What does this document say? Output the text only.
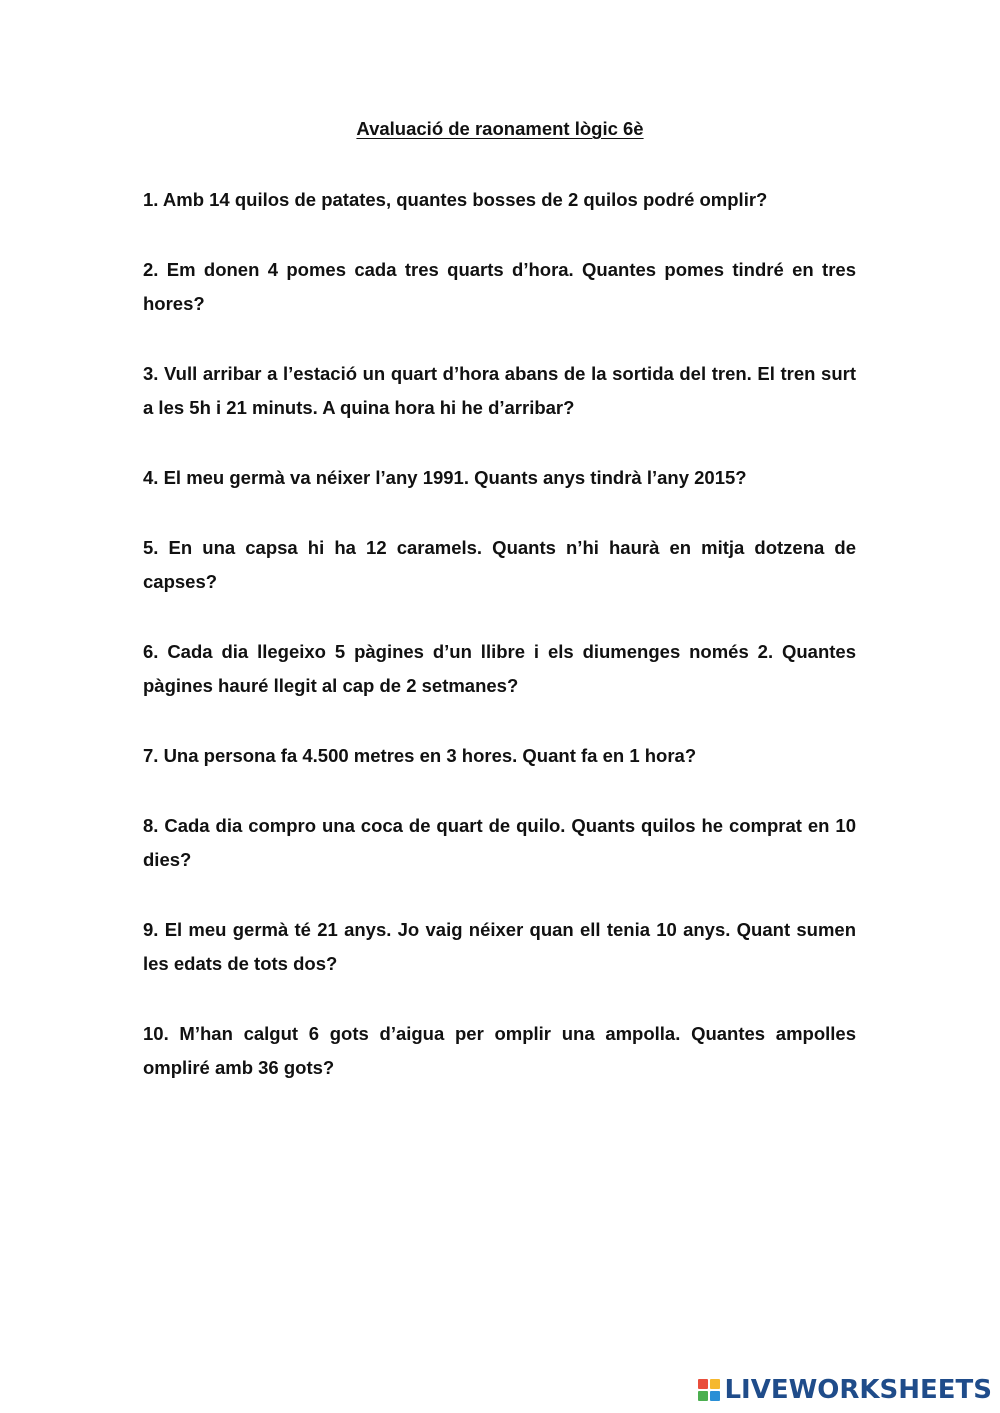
Avaluació de raonament lògic 6è

1. Amb 14 quilos de patates, quantes bosses de 2 quilos podré omplir?

2. Em donen 4 pomes cada tres quarts d’hora. Quantes pomes tindré en tres hores?

3. Vull arribar a l’estació un quart d’hora abans de la sortida del tren. El tren surt a les 5h i 21 minuts. A quina hora hi he d’arribar?

4. El meu germà va néixer l’any 1991. Quants anys tindrà l’any 2015?

5. En una capsa hi ha 12 caramels. Quants n’hi haurà en mitja dotzena de capses?

6. Cada dia llegeixo 5 pàgines d’un llibre i els diumenges només 2. Quantes pàgines hauré llegit al cap de 2 setmanes?

7. Una persona fa 4.500 metres en 3 hores. Quant fa en 1 hora?

8. Cada dia compro una coca de quart de quilo. Quants quilos he comprat en 10 dies?

9. El meu germà té 21 anys. Jo vaig néixer quan ell tenia 10 anys. Quant sumen les edats de tots dos?

10. M’han calgut 6 gots d’aigua per omplir una ampolla. Quantes ampolles ompliré amb 36 gots?

LIVEWORKSHEETS
